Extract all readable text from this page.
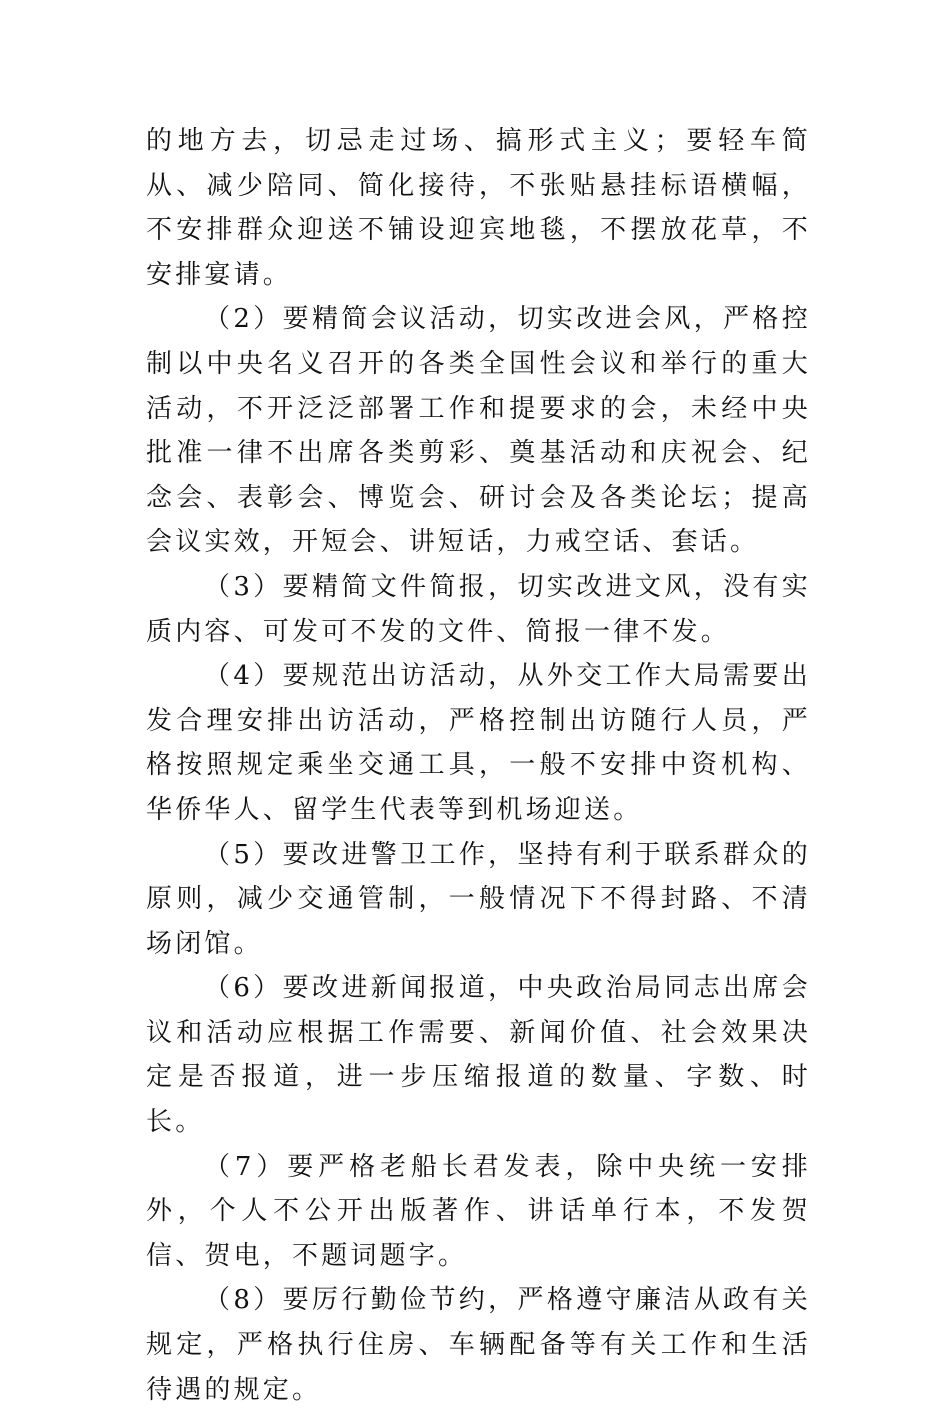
的地方去，切忌走过场、搞形式主义；要轻车简从、减少陪同、简化接待，不张贴悬挂标语横幅，不安排群众迎送不铺设迎宾地毯，不摆放花草，不安排宴请。

（2）要精简会议活动，切实改进会风，严格控制以中央名义召开的各类全国性会议和举行的重大活动，不开泛泛部署工作和提要求的会，未经中央批准一律不出席各类剪彩、奠基活动和庆祝会、纪念会、表彰会、博览会、研讨会及各类论坛；提高会议实效，开短会、讲短话，力戒空话、套话。

（3）要精简文件简报，切实改进文风，没有实质内容、可发可不发的文件、简报一律不发。

（4）要规范出访活动，从外交工作大局需要出发合理安排出访活动，严格控制出访随行人员，严格按照规定乘坐交通工具，一般不安排中资机构、华侨华人、留学生代表等到机场迎送。

（5）要改进警卫工作，坚持有利于联系群众的原则，减少交通管制，一般情况下不得封路、不清场闭馆。

（6）要改进新闻报道，中央政治局同志出席会议和活动应根据工作需要、新闻价值、社会效果决定是否报道，进一步压缩报道的数量、字数、时长。

（7）要严格老船长君发表，除中央统一安排外，个人不公开出版著作、讲话单行本，不发贺信、贺电，不题词题字。

（8）要厉行勤俭节约，严格遵守廉洁从政有关规定，严格执行住房、车辆配备等有关工作和生活待遇的规定。
